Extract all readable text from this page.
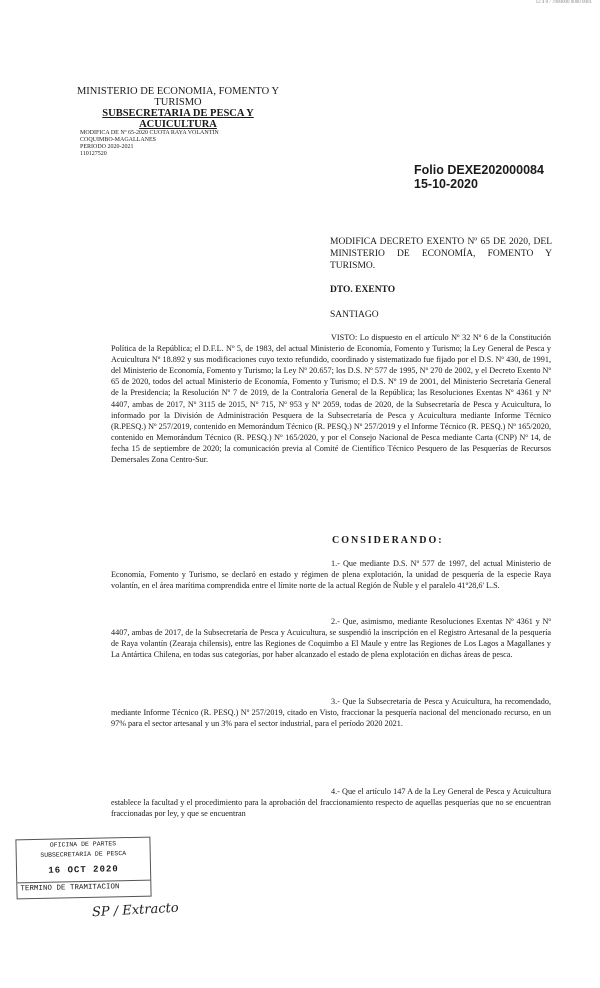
12 4 0 / 7000000 0000 0001
MINISTERIO DE ECONOMIA, FOMENTO Y TURISMO
SUBSECRETARIA DE PESCA Y ACUICULTURA
MODIFICA DE Nº 65-2020 CUOTA RAYA VOLANTÍN
COQUIMBO-MAGALLANES
PERIODO 2020-2021
110127520
Folio DEXE202000084
15-10-2020
MODIFICA DECRETO EXENTO Nº 65 DE 2020, DEL MINISTERIO DE ECONOMÍA, FOMENTO Y TURISMO.
DTO. EXENTO
SANTIAGO

VISTO: Lo dispuesto en el artículo Nº 32 Nº 6 de la Constitución Política de la República; el D.F.L. Nº 5, de 1983, del actual Ministerio de Economía, Fomento y Turismo; la Ley General de Pesca y Acuicultura Nº 18.892 y sus modificaciones cuyo texto refundido, coordinado y sistematizado fue fijado por el D.S. Nº 430, de 1991, del Ministerio de Economía, Fomento y Turismo; la Ley Nº 20.657; los D.S. Nº 577 de 1995, Nº 270 de 2002, y el Decreto Exento Nº 65 de 2020, todos del actual Ministerio de Economía, Fomento y Turismo; el D.S. Nº 19 de 2001, del Ministerio Secretaría General de la Presidencia; la Resolución Nº 7 de 2019, de la Contraloría General de la República; las Resoluciones Exentas Nº 4361 y Nº 4407, ambas de 2017, Nº 3115 de 2015, Nº 715, Nº 953 y Nº 2059, todas de 2020, de la Subsecretaría de Pesca y Acuicultura, lo informado por la División de Administración Pesquera de la Subsecretaría de Pesca y Acuicultura mediante Informe Técnico (R.PESQ.) Nº 257/2019, contenido en Memorándum Técnico (R. PESQ.) Nº 257/2019 y el Informe Técnico (R. PESQ.) Nº 165/2020, contenido en Memorándum Técnico (R. PESQ.) Nº 165/2020, y por el Consejo Nacional de Pesca mediante Carta (CNP) Nº 14, de fecha 15 de septiembre de 2020; la comunicación previa al Comité de Científico Técnico Pesquero de las Pesquerías de Recursos Demersales Zona Centro-Sur.

CONSIDERANDO:

1.- Que mediante D.S. Nº 577 de 1997, del actual Ministerio de Economía, Fomento y Turismo, se declaró en estado y régimen de plena explotación, la unidad de pesquería de la especie Raya volantín, en el área marítima comprendida entre el límite norte de la actual Región de Ñuble y el paralelo 41º28,6' L.S.

2.- Que, asimismo, mediante Resoluciones Exentas Nº 4361 y Nº 4407, ambas de 2017, de la Subsecretaría de Pesca y Acuicultura, se suspendió la inscripción en el Registro Artesanal de la pesquería de Raya volantín (Zearaja chilensis), entre las Regiones de Coquimbo a El Maule y entre las Regiones de Los Lagos a Magallanes y La Antártica Chilena, en todas sus categorías, por haber alcanzado el estado de plena explotación en dichas áreas de pesca.

3.- Que la Subsecretaría de Pesca y Acuicultura, ha recomendado, mediante Informe Técnico (R. PESQ.) Nº 257/2019, citado en Visto, fraccionar la pesquería nacional del mencionado recurso, en un 97% para el sector artesanal y un 3% para el sector industrial, para el período 2020 2021.

4.- Que el artículo 147 A de la Ley General de Pesca y Acuicultura establece la facultad y el procedimiento para la aprobación del fraccionamiento respecto de aquellas pesquerías que no se encuentran fraccionadas por ley, y que se encuentran

OFICINA DE PARTES
SUBSECRETARIA DE PESCA
16 OCT 2020
TERMINO DE TRAMITACION
SP / Extracto
